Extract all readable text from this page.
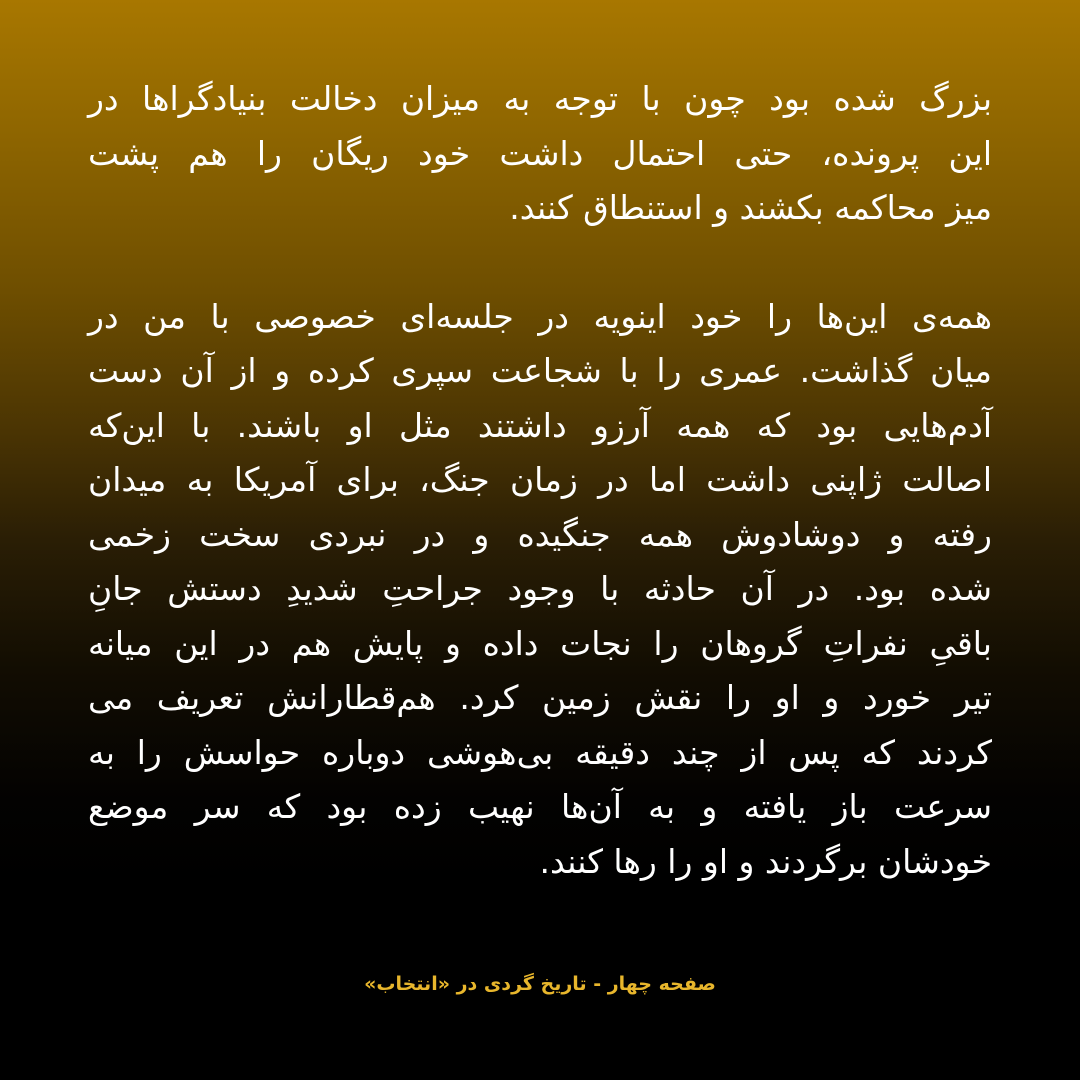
بزرگ شده بود چون با توجه به میزان دخالت بنیادگراها در
این پرونده، حتی احتمال داشت خود ریگان را هم پشت
میز محاکمه بکشند و استنطاق کنند.

همه‌ی این‌ها را خود اینویه در جلسه‌ای خصوصی با من در
میان گذاشت. عمری را با شجاعت سپری کرده و از آن دست
آدم‌هایی بود که همه آرزو داشتند مثل او باشند. با این‌که
اصالت ژاپنی داشت اما در زمان جنگ، برای آمریکا به میدان
رفته و دوشادوش همه جنگیده و در نبردی سخت زخمی
شده بود. در آن حادثه با وجود جراحتِ شدیدِ دستش جانِ
باقیِ نفراتِ گروهان را نجات داده و پایش هم در این میانه
تیر خورد و او را نقش زمین کرد. هم‌قطارانش تعریف می
کردند که پس از چند دقیقه بی‌هوشی دوباره حواسش را به
سرعت باز یافته و به آن‌ها نهیب زده بود که سر موضع
خودشان برگردند و او را رها کنند.

صفحه چهار - تاریخ گردی در «انتخاب»
